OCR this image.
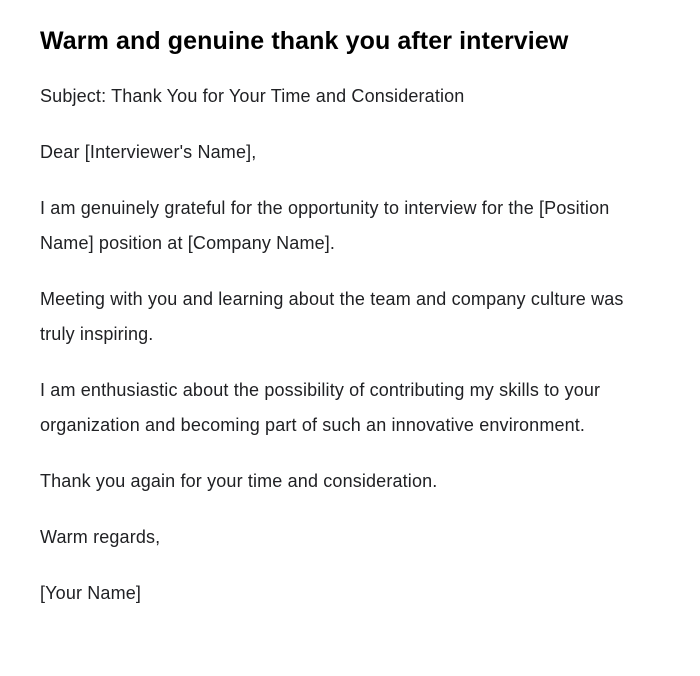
Warm and genuine thank you after interview

Subject: Thank You for Your Time and Consideration

Dear [Interviewer's Name],

I am genuinely grateful for the opportunity to interview for the [Position Name] position at [Company Name].

Meeting with you and learning about the team and company culture was truly inspiring.

I am enthusiastic about the possibility of contributing my skills to your organization and becoming part of such an innovative environment.

Thank you again for your time and consideration.

Warm regards,

[Your Name]
